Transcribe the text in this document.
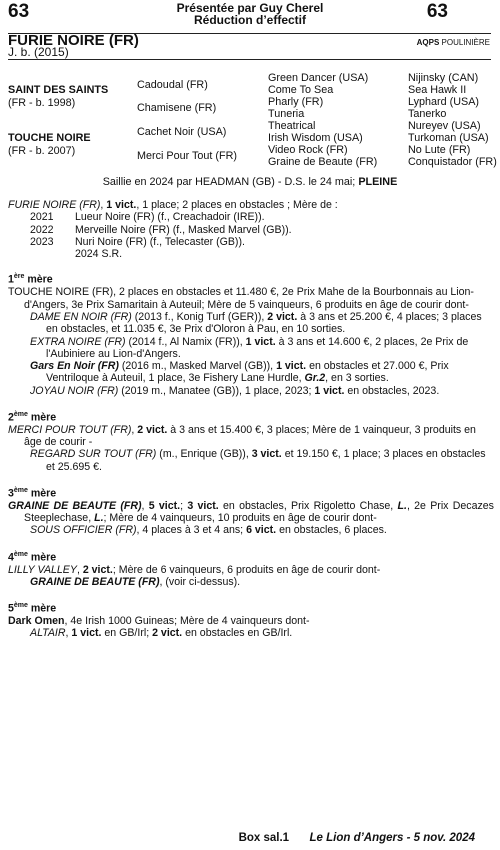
63	63
Présentée par Guy Cherel
Réduction d’effectif
FURIE NOIRE (FR)	AQPS POULINIÈRE
J. b. (2015)
SAINT DES SAINTS
(FR - b. 1998)
TOUCHE NOIRE
(FR - b. 2007)
Cadoudal (FR)
Chamisene (FR)
Cachet Noir (USA)
Merci Pour Tout (FR)
Green Dancer (USA)
Come To Sea
Pharly (FR)
Tuneria
Theatrical
Irish Wisdom (USA)
Video Rock (FR)
Graine de Beaute (FR)
Nijinsky (CAN)
Sea Hawk II
Lyphard (USA)
Tanerko
Nureyev (USA)
Turkoman (USA)
No Lute (FR)
Conquistador (FR)
Saillie en 2024 par HEADMAN (GB) - D.S. le 24 mai; PLEINE

FURIE NOIRE (FR), 1 vict., 1 place; 2 places en obstacles ; Mère de :

2021 Lueur Noire (FR) (f., Creachadoir (IRE)).

2022 Merveille Noire (FR) (f., Masked Marvel (GB)).

2023 Nuri Noire (FR) (f., Telecaster (GB)).

2024 S.R.

1ère mère

TOUCHE NOIRE (FR), 2 places en obstacles et 11.480 €, 2e Prix Mahe de la Bourbonnais au Lion-d'Angers, 3e Prix Samaritain à Auteuil; Mère de 5 vainqueurs, 6 produits en âge de courir dont-

DAME EN NOIR (FR) (2013 f., Konig Turf (GER)), 2 vict. à 3 ans et 25.200 €, 4 places; 3 places en obstacles, et 11.035 €, 3e Prix d'Oloron à Pau, en 10 sorties.

EXTRA NOIRE (FR) (2014 f., Al Namix (FR)), 1 vict. à 3 ans et 14.600 €, 2 places, 2e Prix de l'Aubiniere au Lion-d'Angers.

Gars En Noir (FR) (2016 m., Masked Marvel (GB)), 1 vict. en obstacles et 27.000 €, Prix Ventriloque à Auteuil, 1 place, 3e Fishery Lane Hurdle, Gr.2, en 3 sorties.

JOYAU NOIR (FR) (2019 m., Manatee (GB)), 1 place, 2023; 1 vict. en obstacles, 2023.

2ème mère

MERCI POUR TOUT (FR), 2 vict. à 3 ans et 15.400 €, 3 places; Mère de 1 vainqueur, 3 produits en âge de courir -

REGARD SUR TOUT (FR) (m., Enrique (GB)), 3 vict. et 19.150 €, 1 place; 3 places en obstacles et 25.695 €.

3ème mère

GRAINE DE BEAUTE (FR), 5 vict.; 3 vict. en obstacles, Prix Rigoletto Chase, L., 2e Prix Decazes Steeplechase, L.; Mère de 4 vainqueurs, 10 produits en âge de courir dont-

SOUS OFFICIER (FR), 4 places à 3 et 4 ans; 6 vict. en obstacles, 6 places.

4ème mère

LILLY VALLEY, 2 vict.; Mère de 6 vainqueurs, 6 produits en âge de courir dont-

GRAINE DE BEAUTE (FR), (voir ci-dessus).

5ème mère

Dark Omen, 4e Irish 1000 Guineas; Mère de 4 vainqueurs dont-

ALTAIR, 1 vict. en GB/Irl; 2 vict. en obstacles en GB/Irl.

Box sal.1 Le Lion d’Angers - 5 nov. 2024
